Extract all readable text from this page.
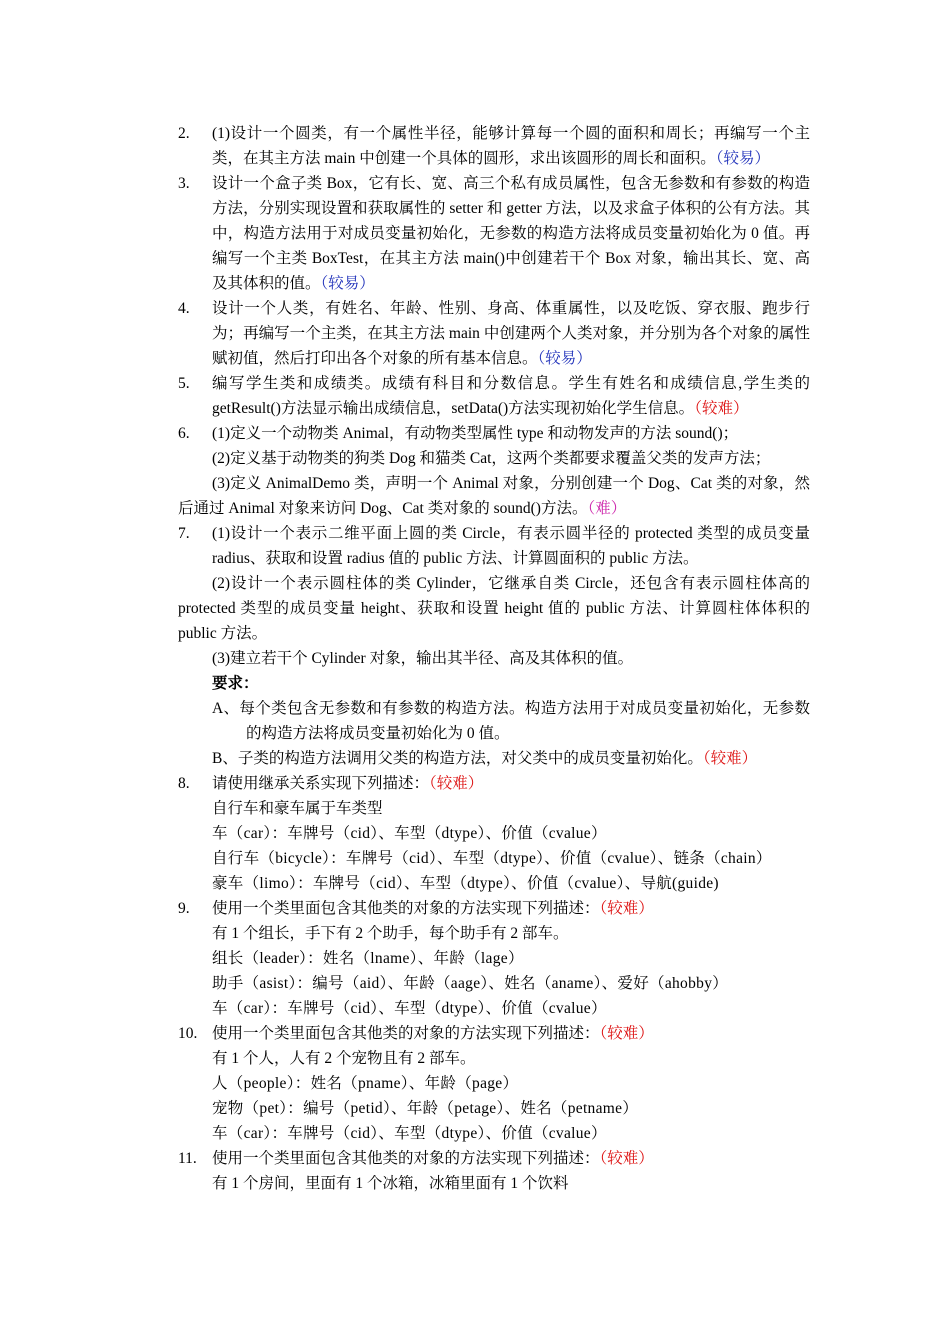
2.	(1)设计一个圆类，有一个属性半径，能够计算每一个圆的面积和周长；再编写一个主类，在其主方法 main 中创建一个具体的圆形，求出该圆形的周长和面积。（较易）
3.	设计一个盒子类 Box，它有长、宽、高三个私有成员属性，包含无参数和有参数的构造方法，分别实现设置和获取属性的 setter 和 getter 方法，以及求盒子体积的公有方法。其中，构造方法用于对成员变量初始化，无参数的构造方法将成员变量初始化为 0 值。再编写一个主类 BoxTest，在其主方法 main()中创建若干个 Box 对象，输出其长、宽、高及其体积的值。（较易）
4.	设计一个人类，有姓名、年龄、性别、身高、体重属性，以及吃饭、穿衣服、跑步行为；再编写一个主类，在其主方法 main 中创建两个人类对象，并分别为各个对象的属性赋初值，然后打印出各个对象的所有基本信息。（较易）
5.	编写学生类和成绩类。成绩有科目和分数信息。学生有姓名和成绩信息,学生类的getResult()方法显示输出成绩信息，setData()方法实现初始化学生信息。（较难）
6.	(1)定义一个动物类 Animal，有动物类型属性 type 和动物发声的方法 sound()；
(2)定义基于动物类的狗类 Dog 和猫类 Cat，这两个类都要求覆盖父类的发声方法；
(3)定义 AnimalDemo 类，声明一个 Animal 对象，分别创建一个 Dog、Cat 类的对象，然后通过 Animal 对象来访问 Dog、Cat 类对象的 sound()方法。（难）
7.	(1)设计一个表示二维平面上圆的类 Circle，有表示圆半径的 protected 类型的成员变量 radius、获取和设置 radius 值的 public 方法、计算圆面积的 public 方法。
(2)设计一个表示圆柱体的类 Cylinder，它继承自类 Circle，还包含有表示圆柱体高的 protected 类型的成员变量 height、获取和设置 height 值的 public 方法、计算圆柱体体积的 public 方法。
(3)建立若干个 Cylinder 对象，输出其半径、高及其体积的值。
要求：
A、每个类包含无参数和有参数的构造方法。构造方法用于对成员变量初始化，无参数的构造方法将成员变量初始化为 0 值。
B、子类的构造方法调用父类的构造方法，对父类中的成员变量初始化。（较难）
8.	请使用继承关系实现下列描述：（较难）
自行车和豪车属于车类型
车（car）：车牌号（cid）、车型（dtype）、价值（cvalue）
自行车（bicycle）：车牌号（cid）、车型（dtype）、价值（cvalue）、链条（chain）
豪车（limo）：车牌号（cid）、车型（dtype）、价值（cvalue）、导航(guide)
9.	使用一个类里面包含其他类的对象的方法实现下列描述：（较难）
有 1 个组长，手下有 2 个助手，每个助手有 2 部车。
组长（leader）：姓名（lname）、年龄（lage）
助手（asist）：编号（aid）、年龄（aage）、姓名（aname）、爱好（ahobby）
车（car）：车牌号（cid）、车型（dtype）、价值（cvalue）
10. 使用一个类里面包含其他类的对象的方法实现下列描述：（较难）
有 1 个人，人有 2 个宠物且有 2 部车。
人（people）：姓名（pname）、年龄（page）
宠物（pet）：编号（petid）、年龄（petage）、姓名（petname）
车（car）：车牌号（cid）、车型（dtype）、价值（cvalue）
11. 使用一个类里面包含其他类的对象的方法实现下列描述：（较难）
有 1 个房间，里面有 1 个冰箱，冰箱里面有 1 个饮料
